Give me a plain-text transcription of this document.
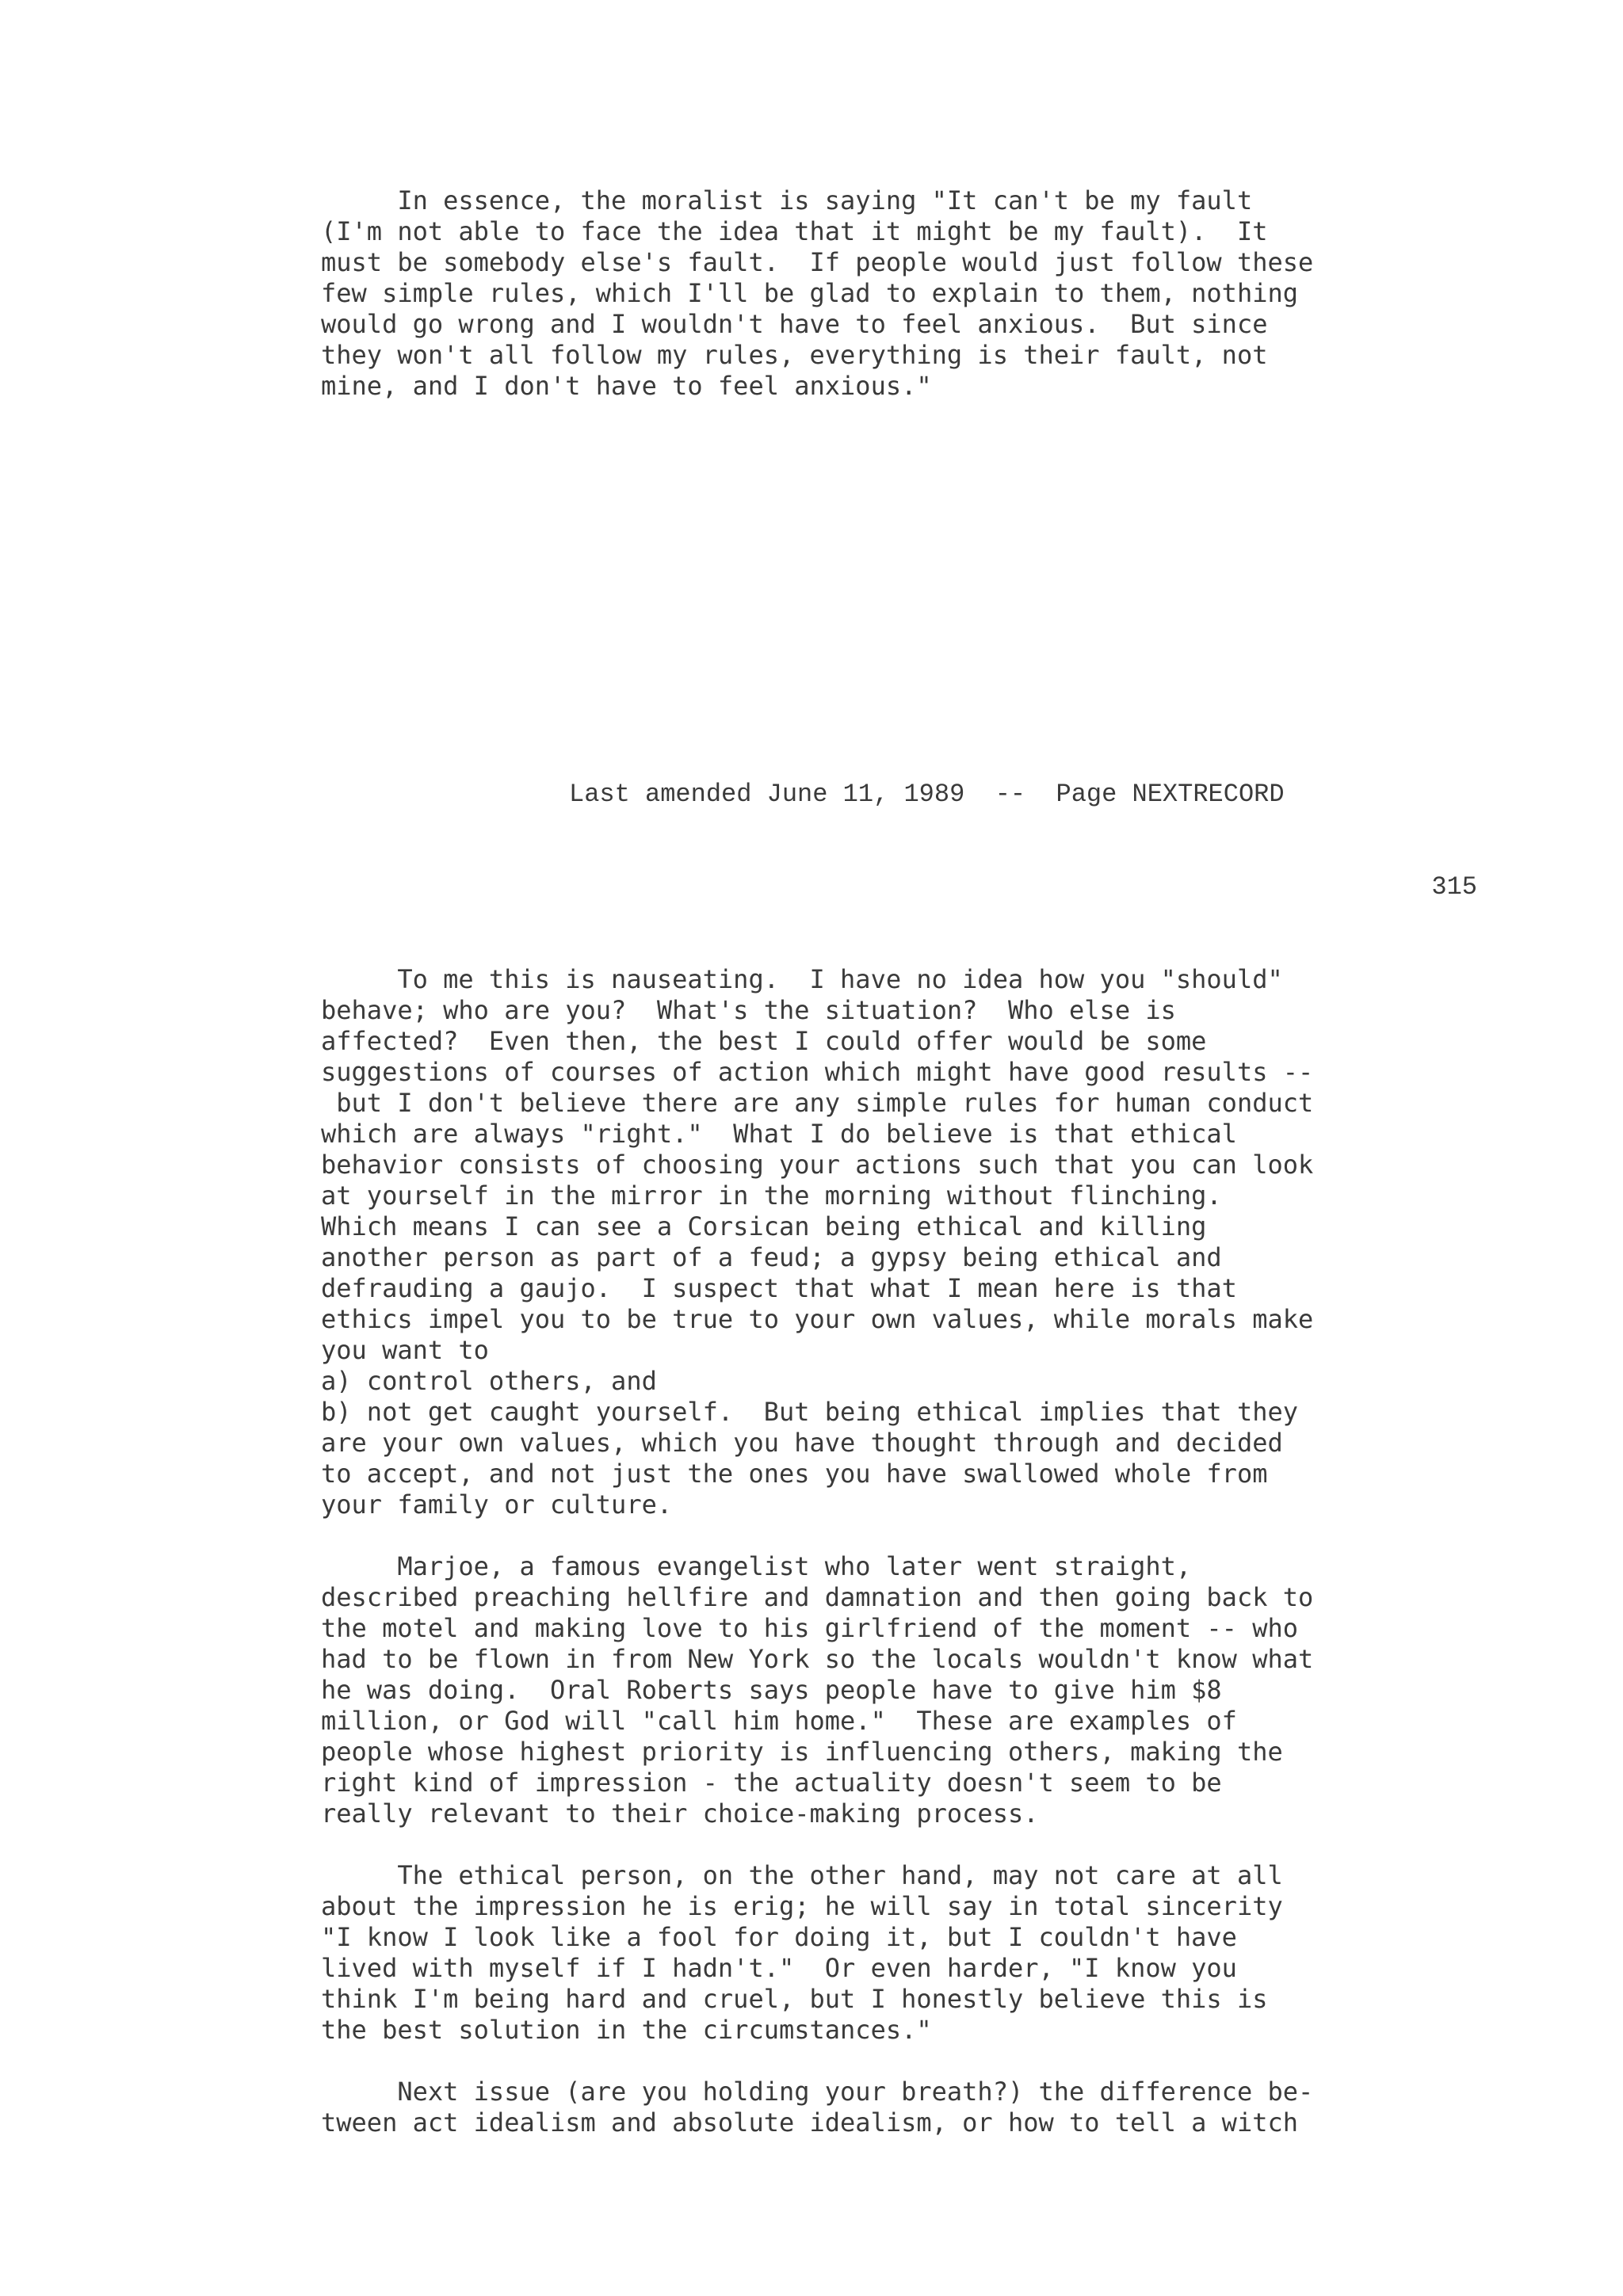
In essence, the moralist is saying "It can't be my fault
(I'm not able to face the idea that it might be my fault).  It
must be somebody else's fault.  If people would just follow these
few simple rules, which I'll be glad to explain to them, nothing
would go wrong and I wouldn't have to feel anxious.  But since
they won't all follow my rules, everything is their fault, not
mine, and I don't have to feel anxious."
Last amended June 11, 1989  --  Page NEXTRECORD
315
To me this is nauseating.  I have no idea how you "should"
behave; who are you?  What's the situation?  Who else is
affected?  Even then, the best I could offer would be some
suggestions of courses of action which might have good results --
but I don't believe there are any simple rules for human conduct
which are always "right."  What I do believe is that ethical
behavior consists of choosing your actions such that you can look
at yourself in the mirror in the morning without flinching.
Which means I can see a Corsican being ethical and killing
another person as part of a feud; a gypsy being ethical and
defrauding a gaujo.  I suspect that what I mean here is that
ethics impel you to be true to your own values, while morals make
you want to
a) control others, and
b) not get caught yourself.  But being ethical implies that they
are your own values, which you have thought through and decided
to accept, and not just the ones you have swallowed whole from
your family or culture.

Marjoe, a famous evangelist who later went straight,
described preaching hellfire and damnation and then going back to
the motel and making love to his girlfriend of the moment -- who
had to be flown in from New York so the locals wouldn't know what
he was doing.  Oral Roberts says people have to give him $8
million, or God will "call him home."  These are examples of
people whose highest priority is influencing others, making the
right kind of impression - the actuality doesn't seem to be
really relevant to their choice-making process.

The ethical person, on the other hand, may not care at all
about the impression he is erig; he will say in total sincerity
"I know I look like a fool for doing it, but I couldn't have
lived with myself if I hadn't."  Or even harder, "I know you
think I'm being hard and cruel, but I honestly believe this is
the best solution in the circumstances."

Next issue (are you holding your breath?) the difference be-
tween act idealism and absolute idealism, or how to tell a witch
